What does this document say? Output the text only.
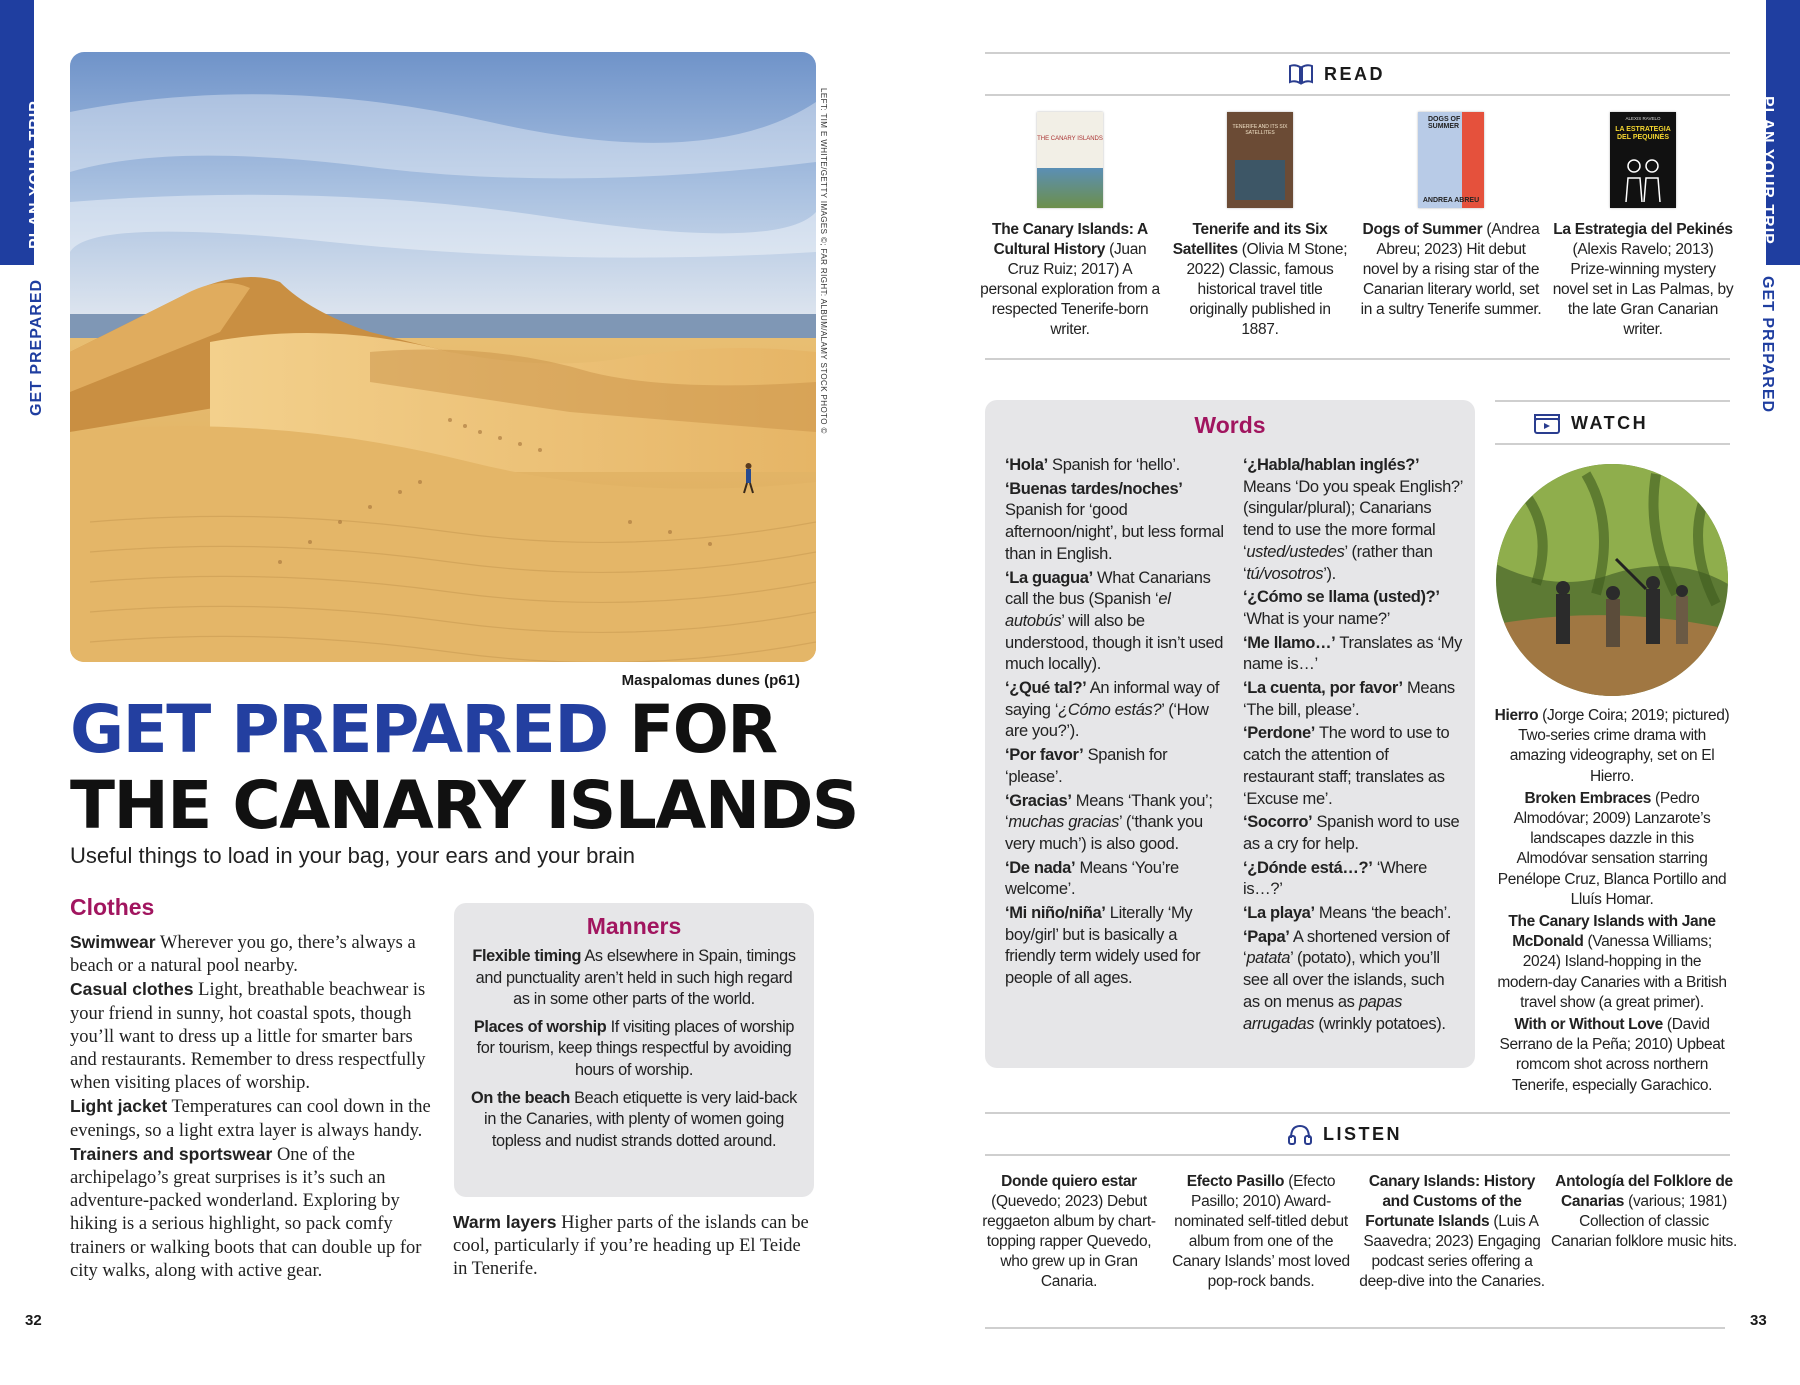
PLAN YOUR TRIP
GET PREPARED
PLAN YOUR TRIP
GET PREPARED
32	33
LEFT: TIM E WHITE/GETTY IMAGES ©; FAR RIGHT: ALBUM/ALAMY STOCK PHOTO ©
Maspalomas dunes (p61)
GET PREPARED FOR
THE CANARY ISLANDS
Useful things to load in your bag, your ears and your brain
Clothes

Swimwear Wherever you go, there’s always a beach or a natural pool nearby.

Casual clothes Light, breathable beachwear is your friend in sunny, hot coastal spots, though you’ll want to dress up a little for smarter bars and restaurants. Remember to dress respectfully when visiting places of worship.

Light jacket Temperatures can cool down in the evenings, so a light extra layer is always handy.

Trainers and sportswear One of the archipelago’s great surprises is it’s such an adventure-packed wonderland. Exploring by hiking is a serious highlight, so pack comfy trainers or walking boots that can double up for city walks, along with active gear.

Manners

Flexible timing As elsewhere in Spain, timings and punctuality aren’t held in such high regard as in some other parts of the world.

Places of worship If visiting places of worship for tourism, keep things respectful by avoiding hours of worship.

On the beach Beach etiquette is very laid-back in the Canaries, with plenty of women going topless and nudist strands dotted around.

Warm layers Higher parts of the islands can be cool, particularly if you’re heading up El Teide in Tenerife.

READ
THE CANARY ISLANDS
TENERIFE AND ITS SIX SATELLITES
DOGS OF SUMMER
ANDREA ABREU
ALEXIS RAVELO
LA ESTRATEGIA DEL PEQUINÉS
The Canary Islands: A Cultural History (Juan Cruz Ruiz; 2017) A personal exploration from a respected Tenerife-born writer.
Tenerife and its Six Satellites (Olivia M Stone; 2022) Classic, famous historical travel title originally published in 1887.
Dogs of Summer (Andrea Abreu; 2023) Hit debut novel by a rising star of the Canarian literary world, set in a sultry Tenerife summer.
La Estrategia del Pekinés (Alexis Ravelo; 2013) Prize-winning mystery novel set in Las Palmas, by the late Gran Canarian writer.
Words

‘Hola’ Spanish for ‘hello’.

‘Buenas tardes/noches’ Spanish for ‘good afternoon/night’, but less formal than in English.

‘La guagua’ What Canarians call the bus (Spanish ‘el autobús’ will also be understood, though it isn’t used much locally).

‘¿Qué tal?’ An informal way of saying ‘¿Cómo estás?’ (‘How are you?’).

‘Por favor’ Spanish for ‘please’.

‘Gracias’ Means ‘Thank you’; ‘muchas gracias’ (‘thank you very much’) is also good.

‘De nada’ Means ‘You’re welcome’.

‘Mi niño/niña’ Literally ‘My boy/girl’ but is basically a friendly term widely used for people of all ages.

‘¿Habla/hablan inglés?’ Means ‘Do you speak English?’ (singular/plural); Canarians tend to use the more formal ‘usted/ustedes’ (rather than ‘tú/vosotros’).

‘¿Cómo se llama (usted)?’ ‘What is your name?’

‘Me llamo…’ Translates as ‘My name is…’

‘La cuenta, por favor’ Means ‘The bill, please’.

‘Perdone’ The word to use to catch the attention of restaurant staff; translates as ‘Excuse me’.

‘Socorro’ Spanish word to use as a cry for help.

‘¿Dónde está…?’ ‘Where is…?’

‘La playa’ Means ‘the beach’.

‘Papa’ A shortened version of ‘patata’ (potato), which you’ll see all over the islands, such as on menus as papas arrugadas (wrinkly potatoes).

WATCH

Hierro (Jorge Coira; 2019; pictured) Two-series crime drama with amazing videography, set on El Hierro.

Broken Embraces (Pedro Almodóvar; 2009) Lanzarote’s landscapes dazzle in this Almodóvar sensation starring Penélope Cruz, Blanca Portillo and Lluís Homar.

The Canary Islands with Jane McDonald (Vanessa Williams; 2024) Island-hopping in the modern-day Canaries with a British travel show (a great primer).

With or Without Love (David Serrano de la Peña; 2010) Upbeat romcom shot across northern Tenerife, especially Garachico.

LISTEN
Donde quiero estar (Quevedo; 2023) Debut reggaeton album by chart-topping rapper Quevedo, who grew up in Gran Canaria.
Efecto Pasillo (Efecto Pasillo; 2010) Award-nominated self-titled debut album from one of the Canary Islands’ most loved pop-rock bands.
Canary Islands: History and Customs of the Fortunate Islands (Luis A Saavedra; 2023) Engaging podcast series offering a deep-dive into the Canaries.
Antología del Folklore de Canarias (various; 1981) Collection of classic Canarian folklore music hits.
